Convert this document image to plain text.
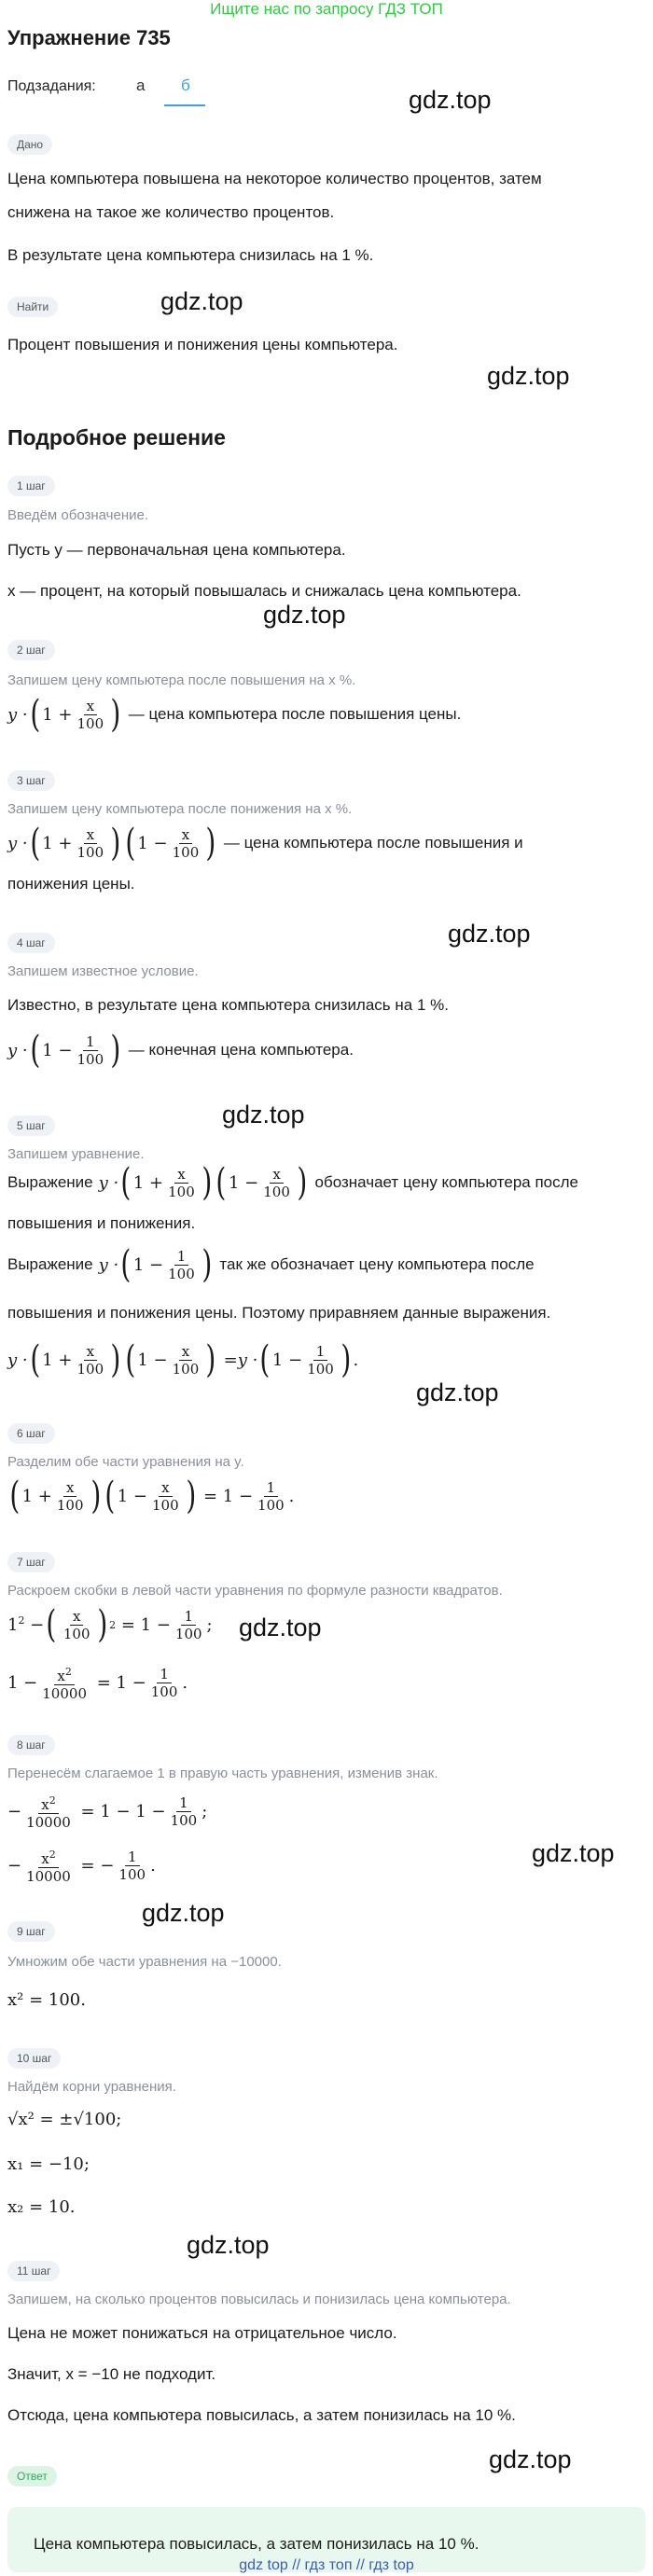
Ищите нас по запросу ГДЗ ТОП
Упражнение 735
Подзадания:	а б
Дано
Цена компьютера повышена на некоторое количество процентов, затем
снижена на такое же количество процентов.
В результате цена компьютера снизилась на 1 %.
Найти
Процент повышения и понижения цены компьютера.
Подробное решение
1 шаг
Введём обозначение.
Пусть y — первоначальная цена компьютера.
x — процент, на который повышалась и снижалась цена компьютера.
2 шаг
Запишем цену компьютера после повышения на x %.
y · ( $1 + \frac{x}{100}$ ) — цена компьютера после повышения цены.
3 шаг
Запишем цену компьютера после понижения на x %.
y · ( $1 + \frac{x}{100}$ ) ( $1 - \frac{x}{100}$ ) — цена компьютера после повышения и
понижения цены.
4 шаг
Запишем известное условие.
Известно, в результате цена компьютера снизилась на 1 %.
y · ( $1 - \frac{1}{100}$ ) — конечная цена компьютера.
5 шаг
Запишем уравнение.
Выражение y · ( $1 + \frac{x}{100}$ ) ( $1 - \frac{x}{100}$ ) обозначает цену компьютера после
повышения и понижения.
Выражение y · ( $1 - \frac{1}{100}$ ) так же обозначает цену компьютера после
повышения и понижения цены. Поэтому приравняем данные выражения.
y · ( $1 + \frac{x}{100}$ ) ( $1 - \frac{x}{100}$ ) = y · ( $1 - \frac{1}{100}$ ) .
6 шаг
Разделим обе части уравнения на y.
( $1 + \frac{x}{100}$ ) ( $1 - \frac{x}{100}$ ) = $1 - \frac{1}{100}$ .
7 шаг
Раскроем скобки в левой части уравнения по формуле разности квадратов.
$1^2$ − ( $\frac{x}{100}$ ) $2 = 1 - \frac{1}{100}$ ;
$1 - \frac{x^2}{10000} = 1 - \frac{1}{100}$ .
8 шаг
Перенесём слагаемое 1 в правую часть уравнения, изменив знак.
− $\frac{x^2}{10000} = 1 - 1 - \frac{1}{100}$ ;
− $\frac{x^2}{10000}$ = − $\frac{1}{100}$ .
9 шаг
Умножим обе части уравнения на −10000.
x² = 100.
10 шаг
Найдём корни уравнения.
√x² = ±√100;
x₁ = −10;
x₂ = 10.
11 шаг
Запишем, на сколько процентов повысилась и понизилась цена компьютера.
Цена не может понижаться на отрицательное число.
Значит, x = −10 не подходит.
Отсюда, цена компьютера повысилась, а затем понизилась на 10 %.
Ответ
Цена компьютера повысилась, а затем понизилась на 10 %.
gdz.top
gdz.top
gdz.top
gdz.top
gdz.top
gdz.top
gdz.top
gdz.top
gdz.top
gdz.top
gdz.top
gdz.top
gdz top // гдз топ // гдз top
